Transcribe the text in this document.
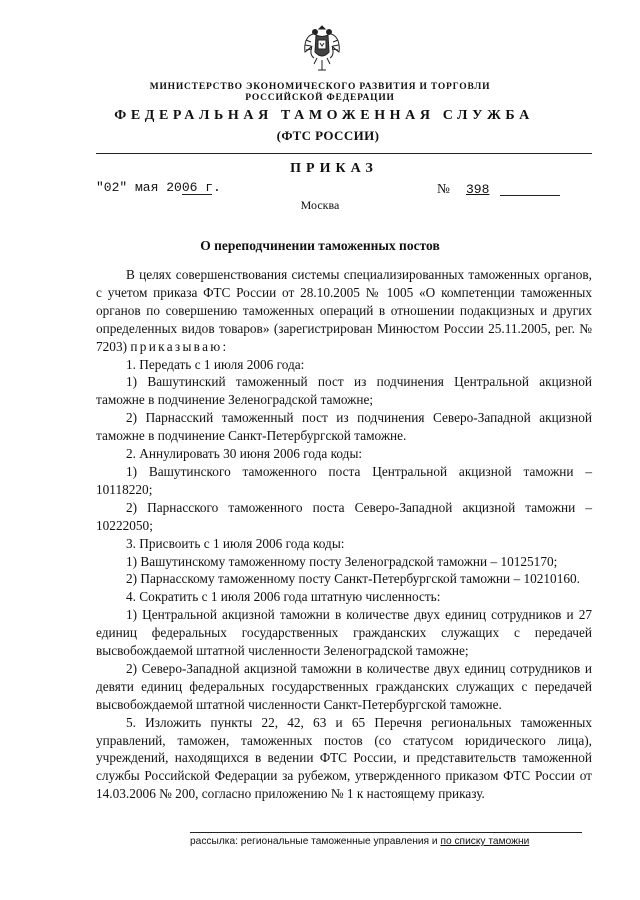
МИНИСТЕРСТВО ЭКОНОМИЧЕСКОГО РАЗВИТИЯ И ТОРГОВЛИ

РОССИЙСКОЙ ФЕДЕРАЦИИ

ФЕДЕРАЛЬНАЯ ТАМОЖЕННАЯ СЛУЖБА

(ФТС РОССИИ)

ПРИКАЗ

"02" мая 2006 г.	№ 398

Москва

О переподчинении таможенных постов

В целях совершенствования системы специализированных таможенных органов, с учетом приказа ФТС России от 28.10.2005 № 1005 «О компетенции таможенных органов по совершению таможенных операций в отношении подакцизных и других определенных видов товаров» (зарегистрирован Минюстом России 25.11.2005, рег. № 7203) приказываю:

1. Передать с 1 июля 2006 года:

1) Вашутинский таможенный пост из подчинения Центральной акцизной таможне в подчинение Зеленоградской таможне;

2) Парнасский таможенный пост из подчинения Северо-Западной акцизной таможне в подчинение Санкт-Петербургской таможне.

2. Аннулировать 30 июня 2006 года коды:

1) Вашутинского таможенного поста Центральной акцизной таможни – 10118220;

2) Парнасского таможенного поста Северо-Западной акцизной таможни – 10222050;

3. Присвоить с 1 июля 2006 года коды:

1) Вашутинскому таможенному посту Зеленоградской таможни – 10125170;

2) Парнасскому таможенному посту Санкт-Петербургской таможни – 10210160.

4. Сократить с 1 июля 2006 года штатную численность:

1) Центральной акцизной таможни в количестве двух единиц сотрудников и 27 единиц федеральных государственных гражданских служащих с передачей высвобождаемой штатной численности Зеленоградской таможне;

2) Северо-Западной акцизной таможни в количестве двух единиц сотрудников и девяти единиц федеральных государственных гражданских служащих с передачей высвобождаемой штатной численности Санкт-Петербургской таможне.

5. Изложить пункты 22, 42, 63 и 65 Перечня региональных таможенных управлений, таможен, таможенных постов (со статусом юридического лица), учреждений, находящихся в ведении ФТС России, и представительств таможенной службы Российской Федерации за рубежом, утвержденного приказом ФТС России от 14.03.2006 № 200, согласно приложению № 1 к настоящему приказу.

рассылка: региональные таможенные управления и по списку таможни
